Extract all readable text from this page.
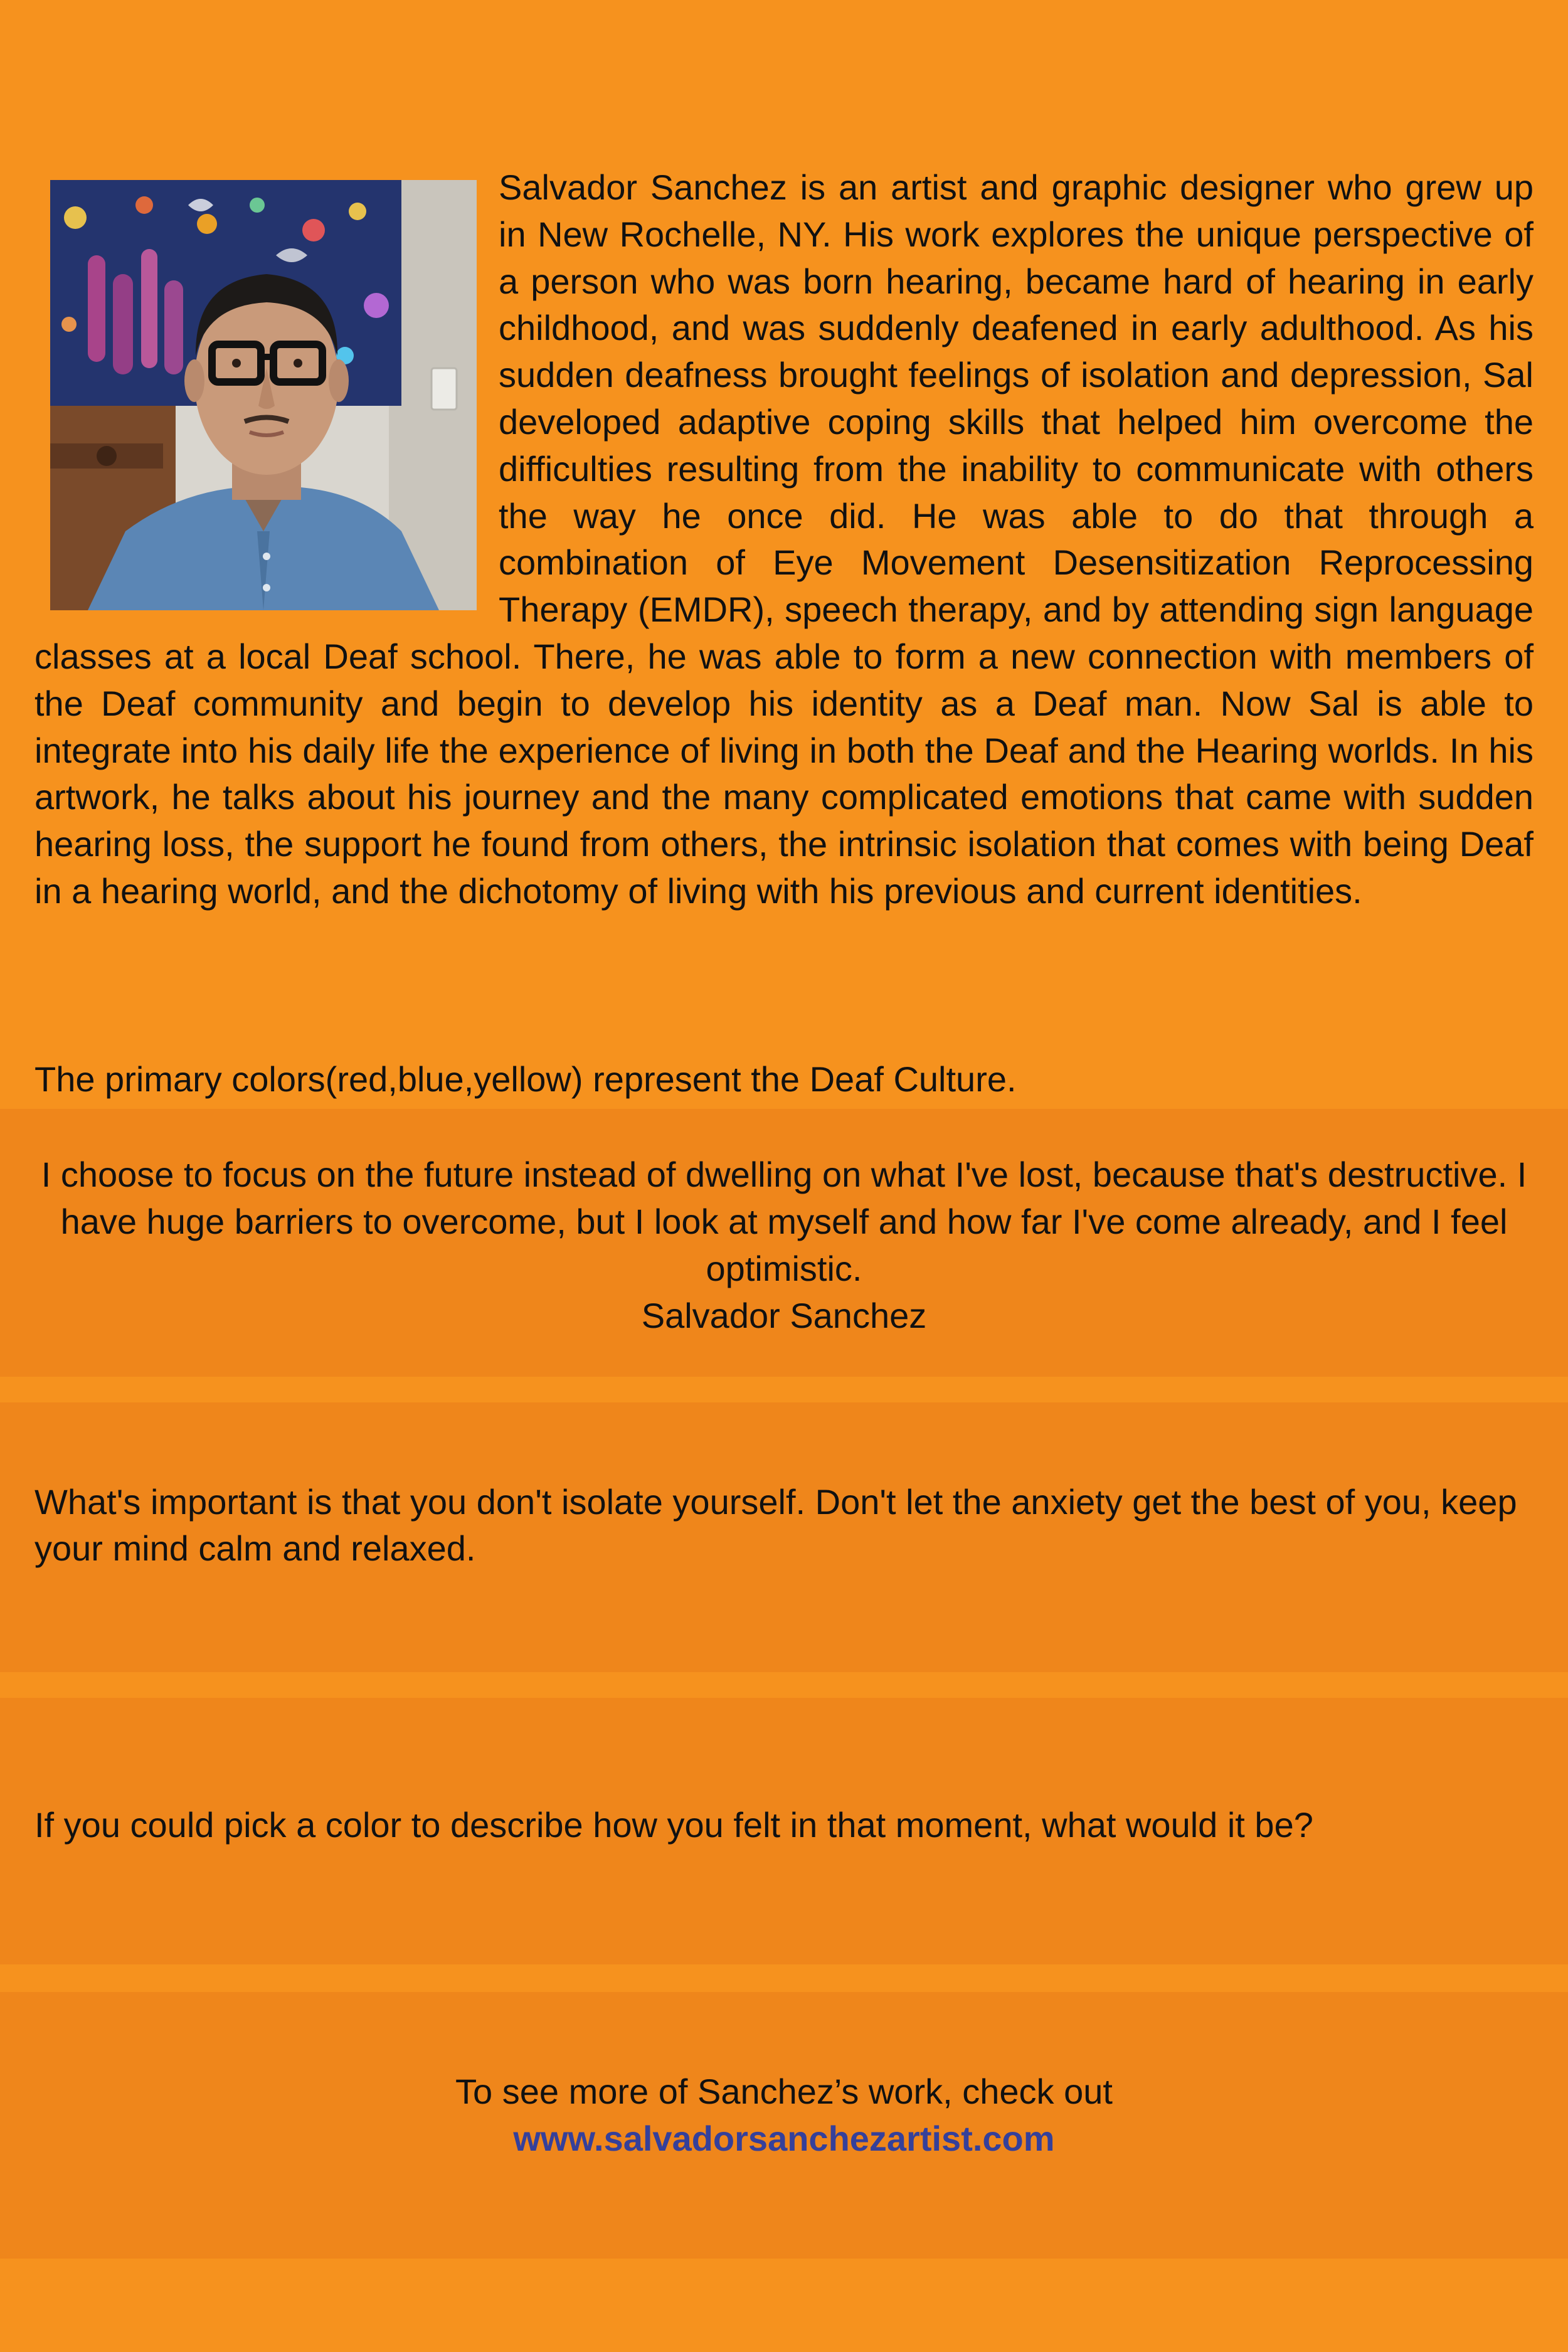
Salvador Sanchez is an artist and graphic designer who grew up in New Rochelle, NY. His work explores the unique perspective of a person who was born hearing, became hard of hearing in early childhood, and was suddenly deafened in early adulthood. As his sudden deafness brought feelings of isolation and depression, Sal developed adaptive coping skills that helped him overcome the difficulties resulting from the inability to communicate with others the way he once did. He was able to do that through a combination of Eye Movement Desensitization Reprocessing Therapy (EMDR), speech therapy, and by attending sign language classes at a local Deaf school. There, he was able to form a new connection with members of the Deaf community and begin to develop his identity as a Deaf man. Now Sal is able to integrate into his daily life the experience of living in both the Deaf and the Hearing worlds. In his artwork, he talks about his journey and the many complicated emotions that came with sudden hearing loss, the support he found from others, the intrinsic isolation that comes with being Deaf in a hearing world, and the dichotomy of living with his previous and current identities.

The primary colors(red,blue,yellow) represent the Deaf Culture.
I choose to focus on the future instead of dwelling on what I've lost, because that's destructive. I have huge barriers to overcome, but I look at myself and how far I've come already, and I feel optimistic.
Salvador Sanchez
What's important is that you don't isolate yourself. Don't let the anxiety get the best of you, keep your mind calm and relaxed.
If you could pick a color to describe how you felt in that moment, what would it be?
To see more of Sanchez’s work, check out
www.salvadorsanchezartist.com
